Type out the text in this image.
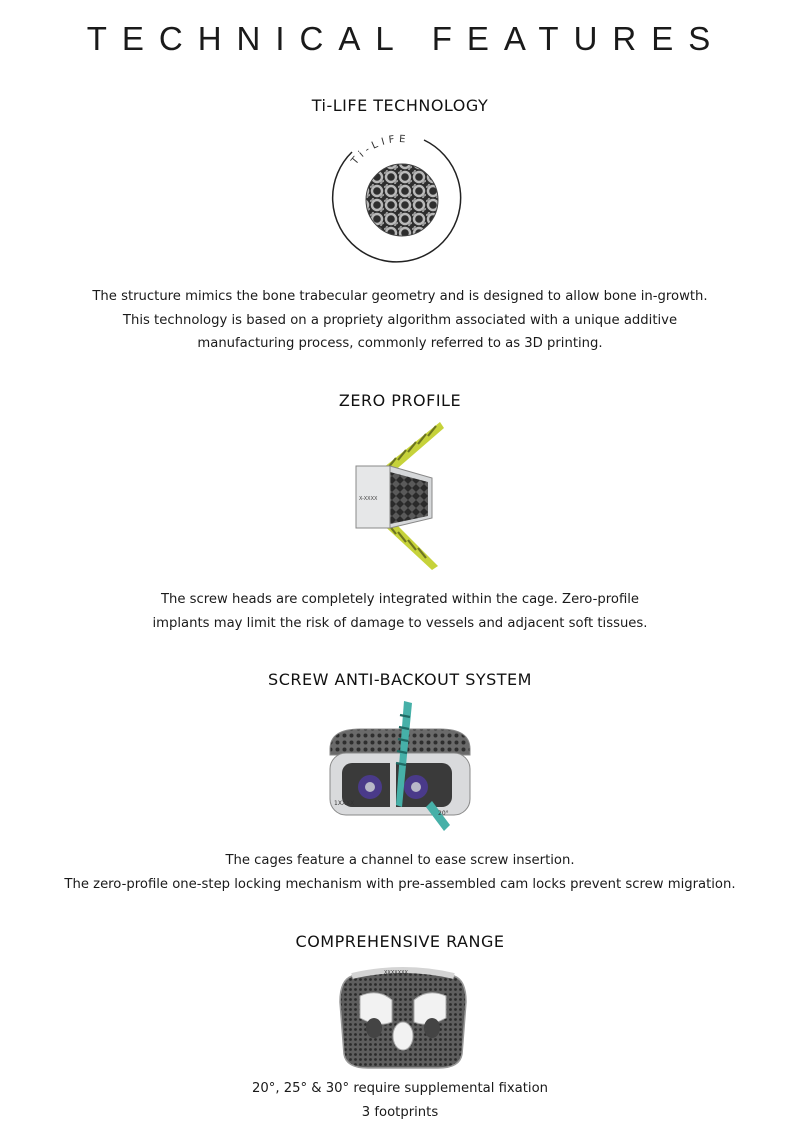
TECHNICAL FEATURES
Ti-LIFE TECHNOLOGY
Ti-LIFE
The structure mimics the bone trabecular geometry and is designed to allow bone in-growth.
This technology is based on a propriety algorithm associated with a unique additive
manufacturing process, commonly referred to as 3D printing.
ZERO PROFILE
X-XXXX
The screw heads are completely integrated within the cage. Zero-profile
implants may limit the risk of damage to vessels and adjacent soft tissues.
SCREW ANTI-BACKOUT SYSTEM
1XXXX
20°
The cages feature a channel to ease screw insertion.
The zero-profile one-step locking mechanism with pre-assembled cam locks prevent screw migration.
COMPREHENSIVE RANGE
XXXXXXX
20°, 25° & 30° require supplemental fixation
3 footprints
